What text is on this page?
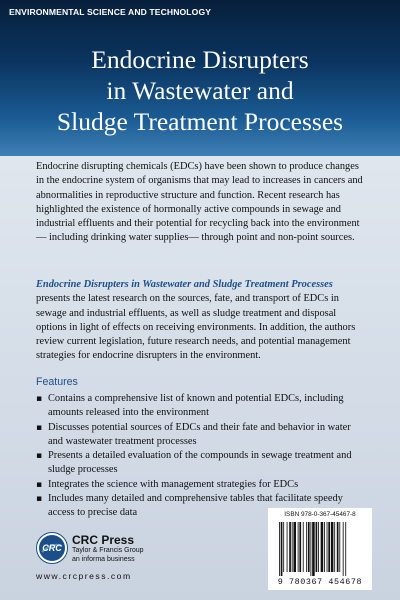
ENVIRONMENTAL SCIENCE AND TECHNOLOGY
Endocrine Disrupters
in Wastewater and
Sludge Treatment Processes

Endocrine disrupting chemicals (EDCs) have been shown to produce changes in the endocrine system of organisms that may lead to increases in cancers and abnormalities in reproductive structure and function. Recent research has highlighted the existence of hormonally active compounds in sewage and industrial effluents and their potential for recycling back into the environment — including drinking water supplies— through point and non-point sources.

Endocrine Disrupters in Wastewater and Sludge Treatment Processes presents the latest research on the sources, fate, and transport of EDCs in sewage and industrial effluents, as well as sludge treatment and disposal options in light of effects on receiving environments. In addition, the authors review current legislation, future research needs, and potential management strategies for endocrine disrupters in the environment.

Features
▪ Contains a comprehensive list of known and potential EDCs, including amounts released into the environment
▪ Discusses potential sources of EDCs and their fate and behavior in water and wastewater treatment processes
▪ Presents a detailed evaluation of the compounds in sewage treatment and sludge processes
▪ Integrates the science with management strategies for EDCs
▪ Includes many detailed and comprehensive tables that facilitate speedy access to precise data
CRC
CRC Press
Taylor & Francis Group
an informa business
www.crcpress.com
ISBN 978-0-367-45467-8
9 780367 454678
